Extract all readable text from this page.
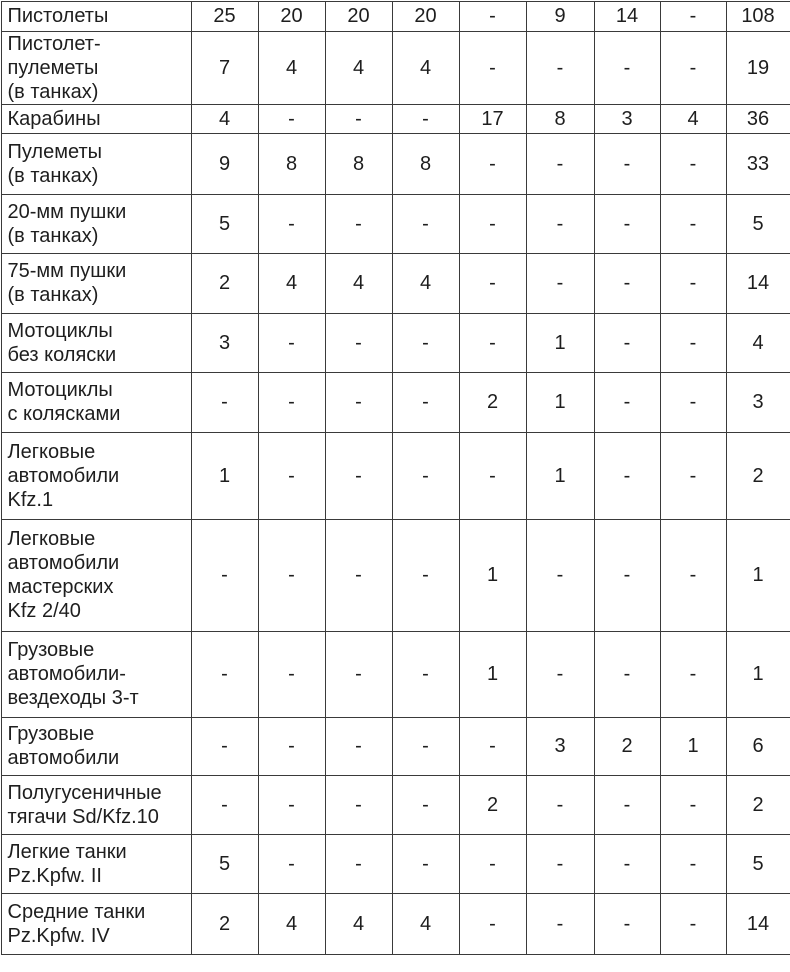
Пистолеты	25	20	20	20	-	9	14	-	108

Пистолет-
пулеметы
(в танках)	7	4	4	4	-	-	-	-	19

Карабины	4	-	-	-	17	8	3	4	36

Пулеметы
(в танках)	9	8	8	8	-	-	-	-	33

20-мм пушки
(в танках)	5	-	-	-	-	-	-	-	5

75-мм пушки
(в танках)	2	4	4	4	-	-	-	-	14

Мотоциклы
без коляски	3	-	-	-	-	1	-	-	4

Мотоциклы
с колясками	-	-	-	-	2	1	-	-	3

Легковые
автомобили
Kfz.1	1	-	-	-	-	1	-	-	2

Легковые
автомобили
мастерских
Kfz 2/40	-	-	-	-	1	-	-	-	1

Грузовые
автомобили-
вездеходы 3-т	-	-	-	-	1	-	-	-	1

Грузовые
автомобили	-	-	-	-	-	3	2	1	6

Полугусеничные
тягачи Sd/Kfz.10	-	-	-	-	2	-	-	-	2

Легкие танки
Pz.Kpfw. II	5	-	-	-	-	-	-	-	5

Средние танки
Pz.Kpfw. IV	2	4	4	4	-	-	-	-	14
